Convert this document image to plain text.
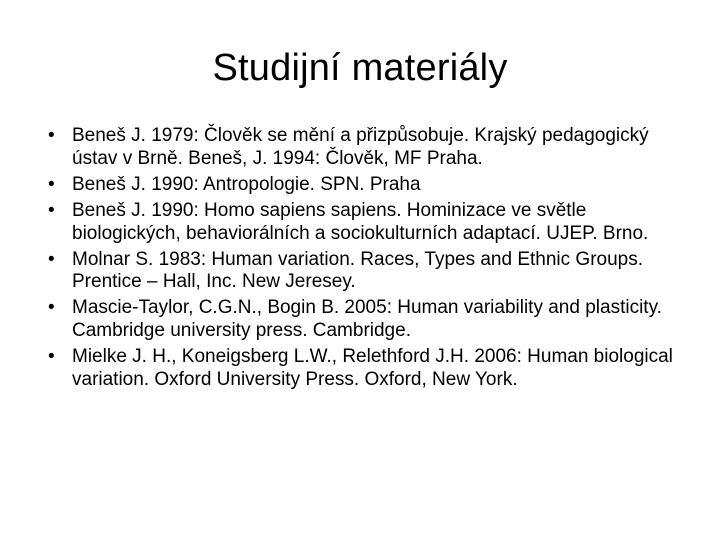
Studijní materiály
• Beneš J. 1979: Člověk se mění a přizpůsobuje. Krajský pedagogický ústav v Brně. Beneš, J. 1994: Člověk, MF Praha.
• Beneš J. 1990: Antropologie. SPN. Praha
• Beneš J. 1990: Homo sapiens sapiens. Hominizace ve světle biologických, behaviorálních a sociokulturních adaptací. UJEP. Brno.
• Molnar S. 1983: Human variation. Races, Types and Ethnic Groups. Prentice – Hall, Inc. New Jeresey.
• Mascie-Taylor, C.G.N., Bogin B. 2005: Human variability and plasticity. Cambridge university press. Cambridge.
• Mielke J. H., Koneigsberg L.W., Relethford J.H. 2006: Human biological variation. Oxford University Press. Oxford, New York.
